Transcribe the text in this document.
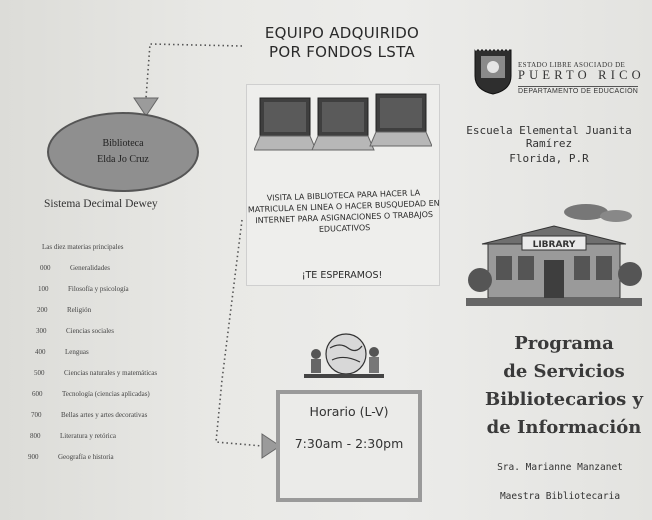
Biblioteca
Elda Jo Cruz
Sistema Decimal Dewey
Las diez materias principales
000	Generalidades
100	Filosofía y psicología
200	Religión
300	Ciencias sociales
400	Lenguas
500	Ciencias naturales y matemáticas
600	Tecnología (ciencias aplicadas)
700	Bellas artes y artes decorativas
800	Literatura y retórica
900	Geografía e historia
EQUIPO ADQUIRIDO
POR FONDOS LSTA
VISITA LA BIBLIOTECA PARA HACER LA MATRICULA EN LINEA O HACER BUSQUEDAD EN INTERNET PARA ASIGNACIONES O TRABAJOS EDUCATIVOS
¡TE ESPERAMOS!
Horario (L-V)
7:30am - 2:30pm
ESTADO LIBRE ASOCIADO DE
PUERTO RICO
DEPARTAMENTO DE EDUCACIÓN
Escuela Elemental Juanita Ramírez
Florida, P.R
LIBRARY
Programa
de Servicios
Bibliotecarios y
de Información
Sra. Marianne Manzanet
Maestra Bibliotecaria
